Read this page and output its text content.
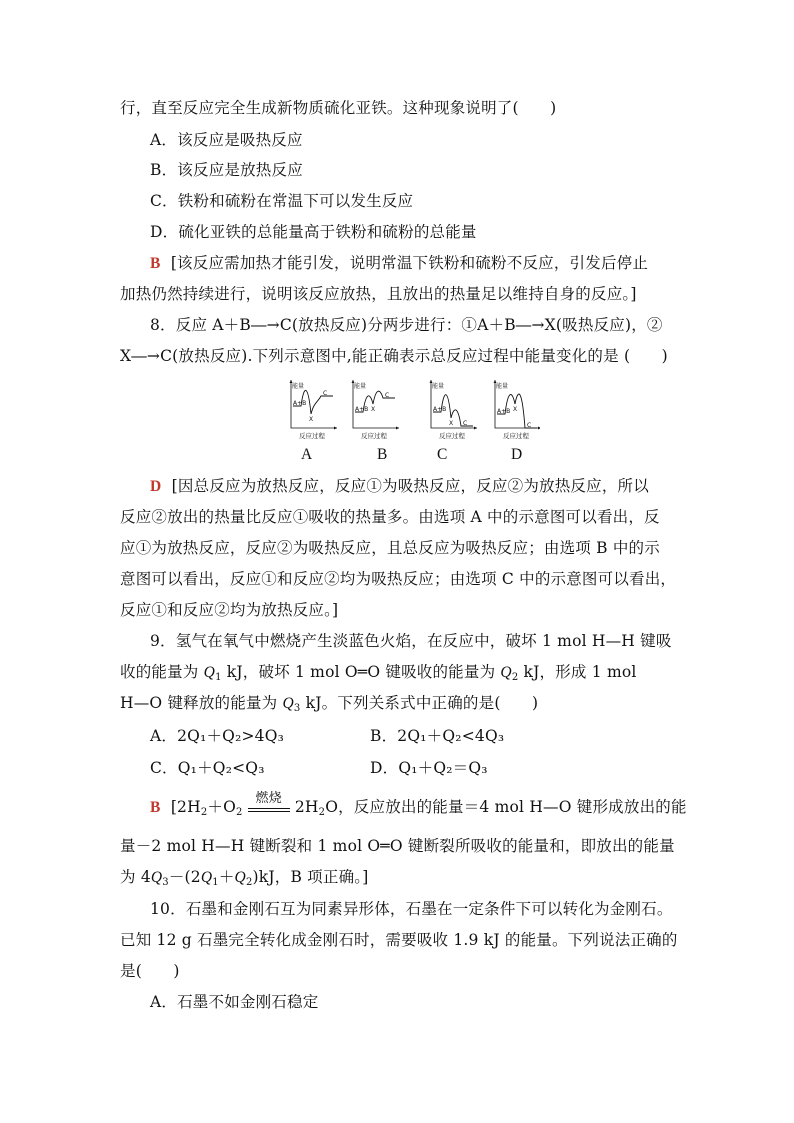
行，直至反应完全生成新物质硫化亚铁。这种现象说明了(　　)
A．该反应是吸热反应
B．该反应是放热反应
C．铁粉和硫粉在常温下可以发生反应
D．硫化亚铁的总能量高于铁粉和硫粉的总能量
B [该反应需加热才能引发，说明常温下铁粉和硫粉不反应，引发后停止
加热仍然持续进行，说明该反应放热，且放出的热量足以维持自身的反应。]
8．反应 A＋B―→C(放热反应)分两步进行：①A＋B―→X(吸热反应)，②
X―→C(放热反应).下列示意图中,能正确表示总反应过程中能量变化的是 (　　)
能量
A+B
X
C
反应过程
能量
A+B X
C
反应过程
能量
A+B
X C
反应过程
能量
A+B X
C
反应过程
A	B	C	D
D [因总反应为放热反应，反应①为吸热反应，反应②为放热反应，所以
反应②放出的热量比反应①吸收的热量多。由选项 A 中的示意图可以看出，反
应①为放热反应，反应②为吸热反应，且总反应为吸热反应；由选项 B 中的示
意图可以看出，反应①和反应②均为吸热反应；由选项 C 中的示意图可以看出，
反应①和反应②均为放热反应。]
9．氢气在氧气中燃烧产生淡蓝色火焰，在反应中，破坏 1 mol H—H 键吸
收的能量为 $Q_1$ kJ，破坏 1 mol O═O 键吸收的能量为 $Q_2$ kJ，形成 1 mol
H—O 键释放的能量为 $Q_3$ kJ。下列关系式中正确的是(　　)
A．2Q₁＋Q₂>4Q₃	B．2Q₁＋Q₂<4Q₃
C．Q₁＋Q₂<Q₃	D．Q₁＋Q₂＝Q₃
B [$2H_2+O_2$
燃烧 $2H_2O$，反应放出的能量＝4 mol H—O 键形成放出的能
量－2 mol H—H 键断裂和 1 mol O═O 键断裂所吸收的能量和，即放出的能量
为 $4Q_3-(2Q_1+Q_2)kJ$，B 项正确。]
10．石墨和金刚石互为同素异形体，石墨在一定条件下可以转化为金刚石。
已知 12 g 石墨完全转化成金刚石时，需要吸收 1.9 kJ 的能量。下列说法正确的
是(　　)
A．石墨不如金刚石稳定
